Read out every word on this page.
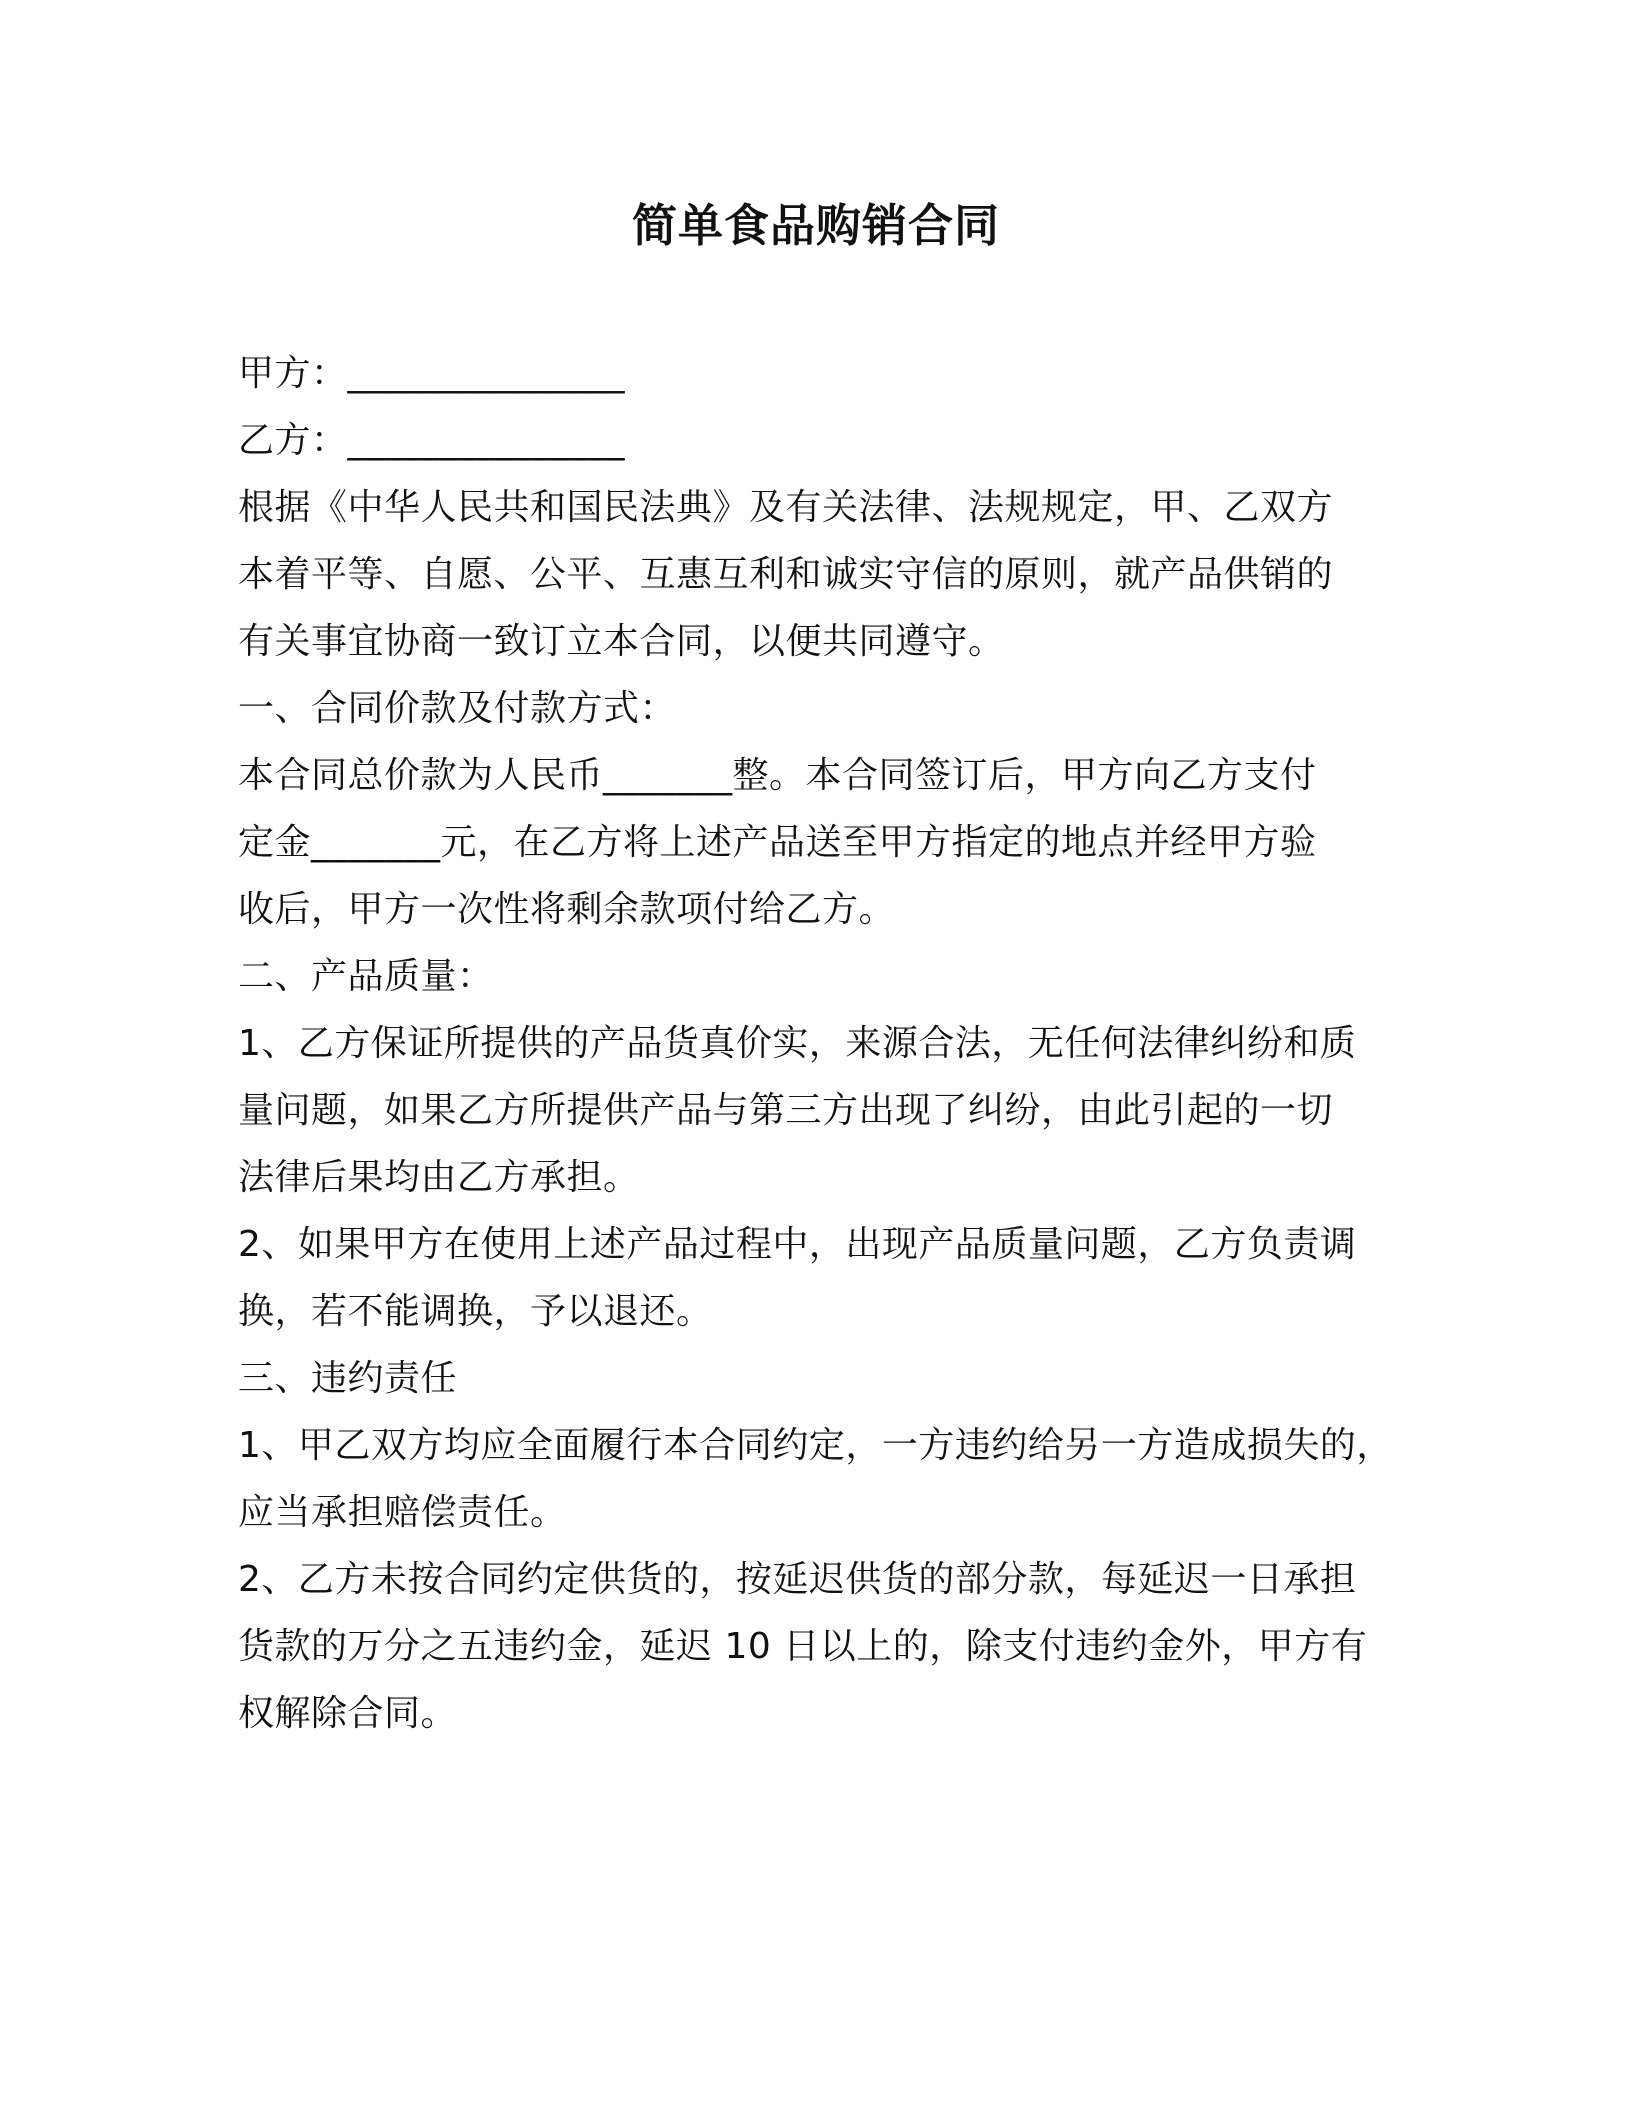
简单食品购销合同
甲方：_______________
乙方：_______________
根据《中华人民共和国民法典》及有关法律、法规规定，甲、乙双方
本着平等、自愿、公平、互惠互利和诚实守信的原则，就产品供销的
有关事宜协商一致订立本合同，以便共同遵守。
一、合同价款及付款方式：
本合同总价款为人民币_______整。本合同签订后，甲方向乙方支付
定金_______元，在乙方将上述产品送至甲方指定的地点并经甲方验
收后，甲方一次性将剩余款项付给乙方。
二、产品质量：
1、乙方保证所提供的产品货真价实，来源合法，无任何法律纠纷和质
量问题，如果乙方所提供产品与第三方出现了纠纷，由此引起的一切
法律后果均由乙方承担。
2、如果甲方在使用上述产品过程中，出现产品质量问题，乙方负责调
换，若不能调换，予以退还。
三、违约责任
1、甲乙双方均应全面履行本合同约定，一方违约给另一方造成损失的，
应当承担赔偿责任。
2、乙方未按合同约定供货的，按延迟供货的部分款，每延迟一日承担
货款的万分之五违约金，延迟 10 日以上的，除支付违约金外，甲方有
权解除合同。
